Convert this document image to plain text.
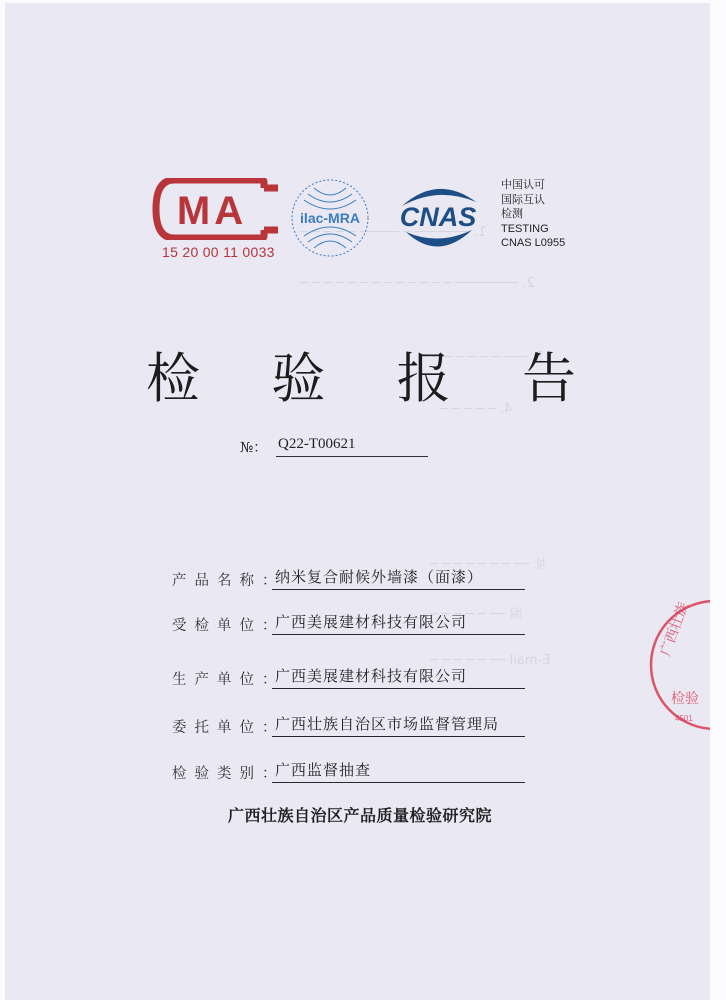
1. ─────── ─ ───── ─ ─ ─ ─ ─
2. ──────── ─ ─ ─ ─ ─ ─ ─ ─ ─ ─ ─ ─ ─
3. ─── ─ ─ ─ ─ ─ ─ ─
4. ─ ─ ─ ─ ─
址 ── ─ ─ ─ ─ ─ ─ ─
编 ── ─ ─ ─ ─ ─
E-mail ── ─ ─ ─ ─ ─
MA
15 20 00 11 0033
ilac-MRA CNAS
中国认可
国际互认
检测
TESTING
CNAS L0955
检 验 报 告
№： Q22-T00621
产品名称：
纳米复合耐候外墙漆（面漆）
受检单位：
广西美展建材科技有限公司
生产单位：
广西美展建材科技有限公司
委托单位：
广西壮族自治区市场监督管理局
检验类别：
广西监督抽查
广西壮族自治区产品质量检验研究院
广西壮族
检验
4501
